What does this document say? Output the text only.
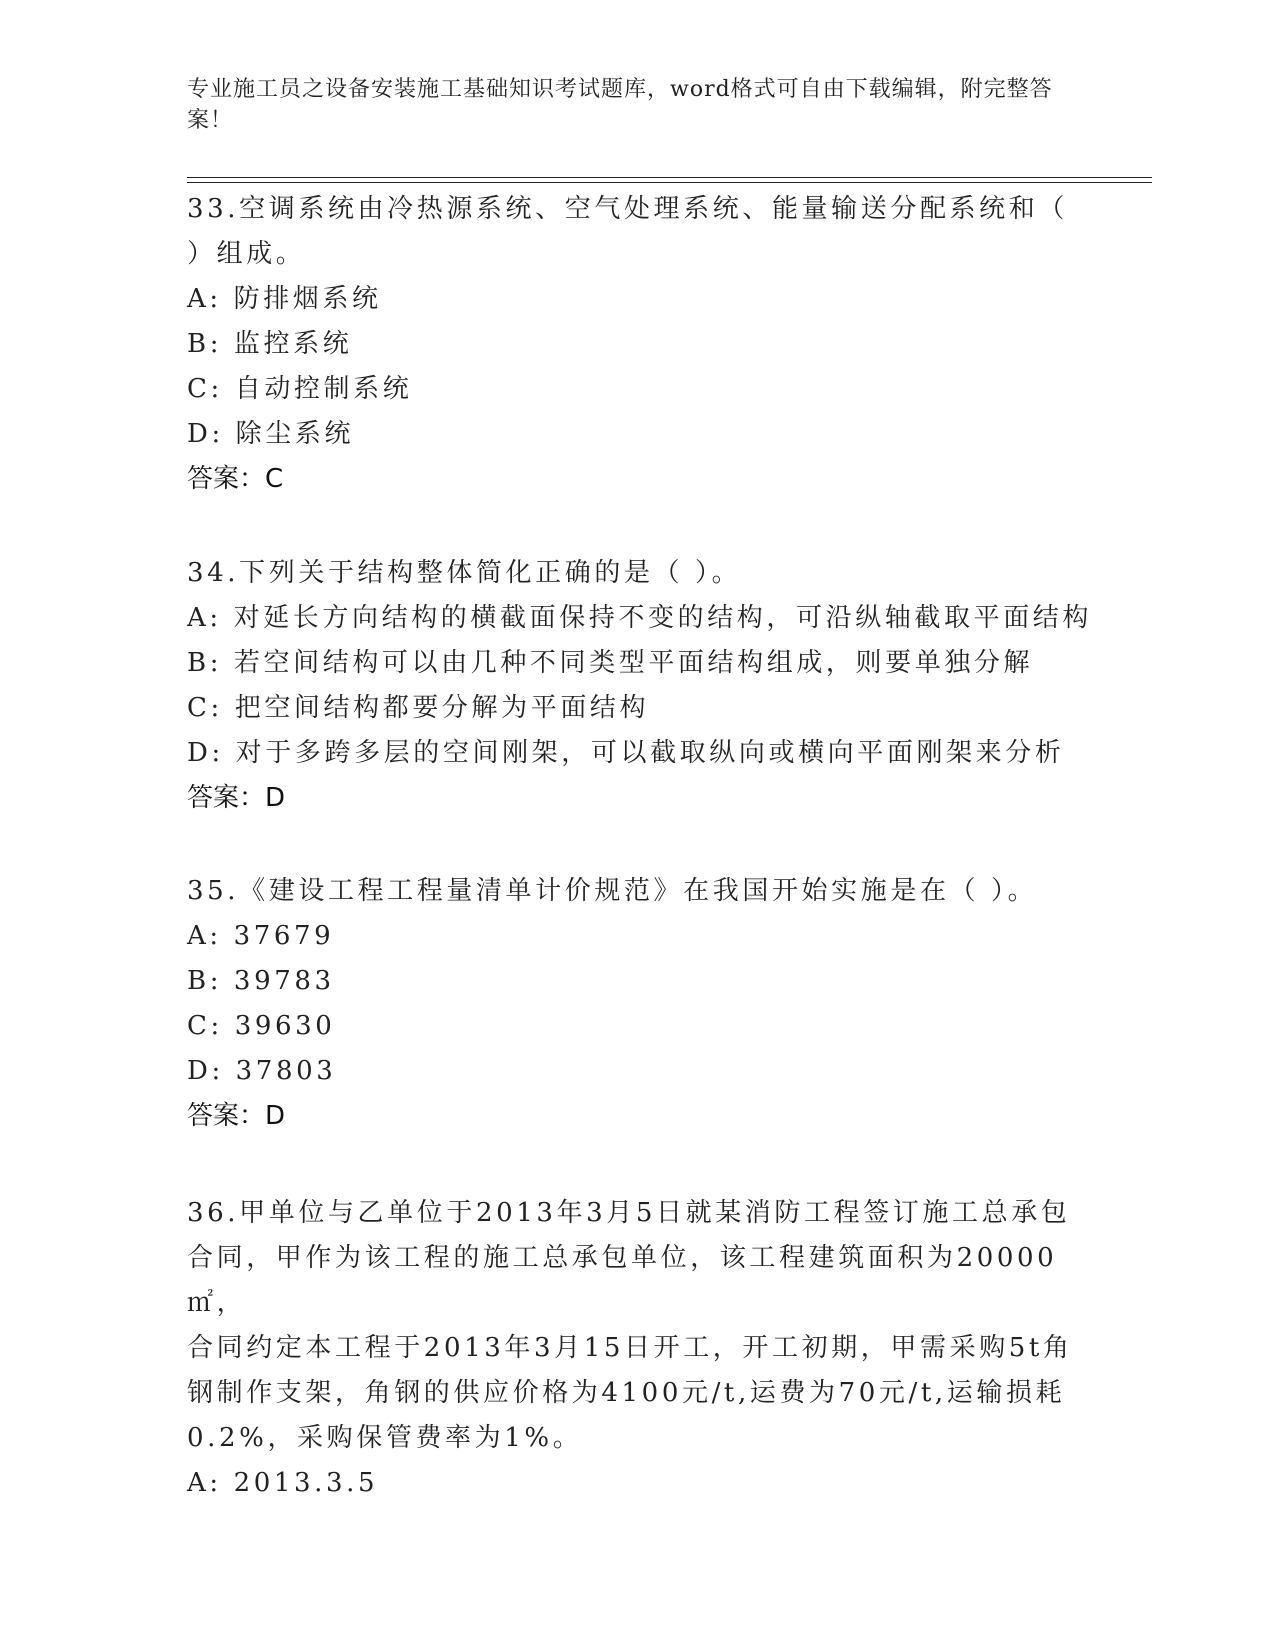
专业施工员之设备安装施工基础知识考试题库，word格式可自由下载编辑，附完整答案！
33.空调系统由冷热源系统、空气处理系统、能量输送分配系统和（
）组成。
A: 防排烟系统
B: 监控系统
C: 自动控制系统
D: 除尘系统
答案：C
34.下列关于结构整体简化正确的是（ ）。
A: 对延长方向结构的横截面保持不变的结构，可沿纵轴截取平面结构
B: 若空间结构可以由几种不同类型平面结构组成，则要单独分解
C: 把空间结构都要分解为平面结构
D: 对于多跨多层的空间刚架，可以截取纵向或横向平面刚架来分析
答案：D
35.《建设工程工程量清单计价规范》在我国开始实施是在（ ）。
A: 37679
B: 39783
C: 39630
D: 37803
答案：D
36.甲单位与乙单位于2013年3月5日就某消防工程签订施工总承包
合同，甲作为该工程的施工总承包单位，该工程建筑面积为20000㎡，
合同约定本工程于2013年3月15日开工，开工初期，甲需采购5t角
钢制作支架，角钢的供应价格为4100元/t,运费为70元/t,运输损耗
0.2%，采购保管费率为1%。
A: 2013.3.5
